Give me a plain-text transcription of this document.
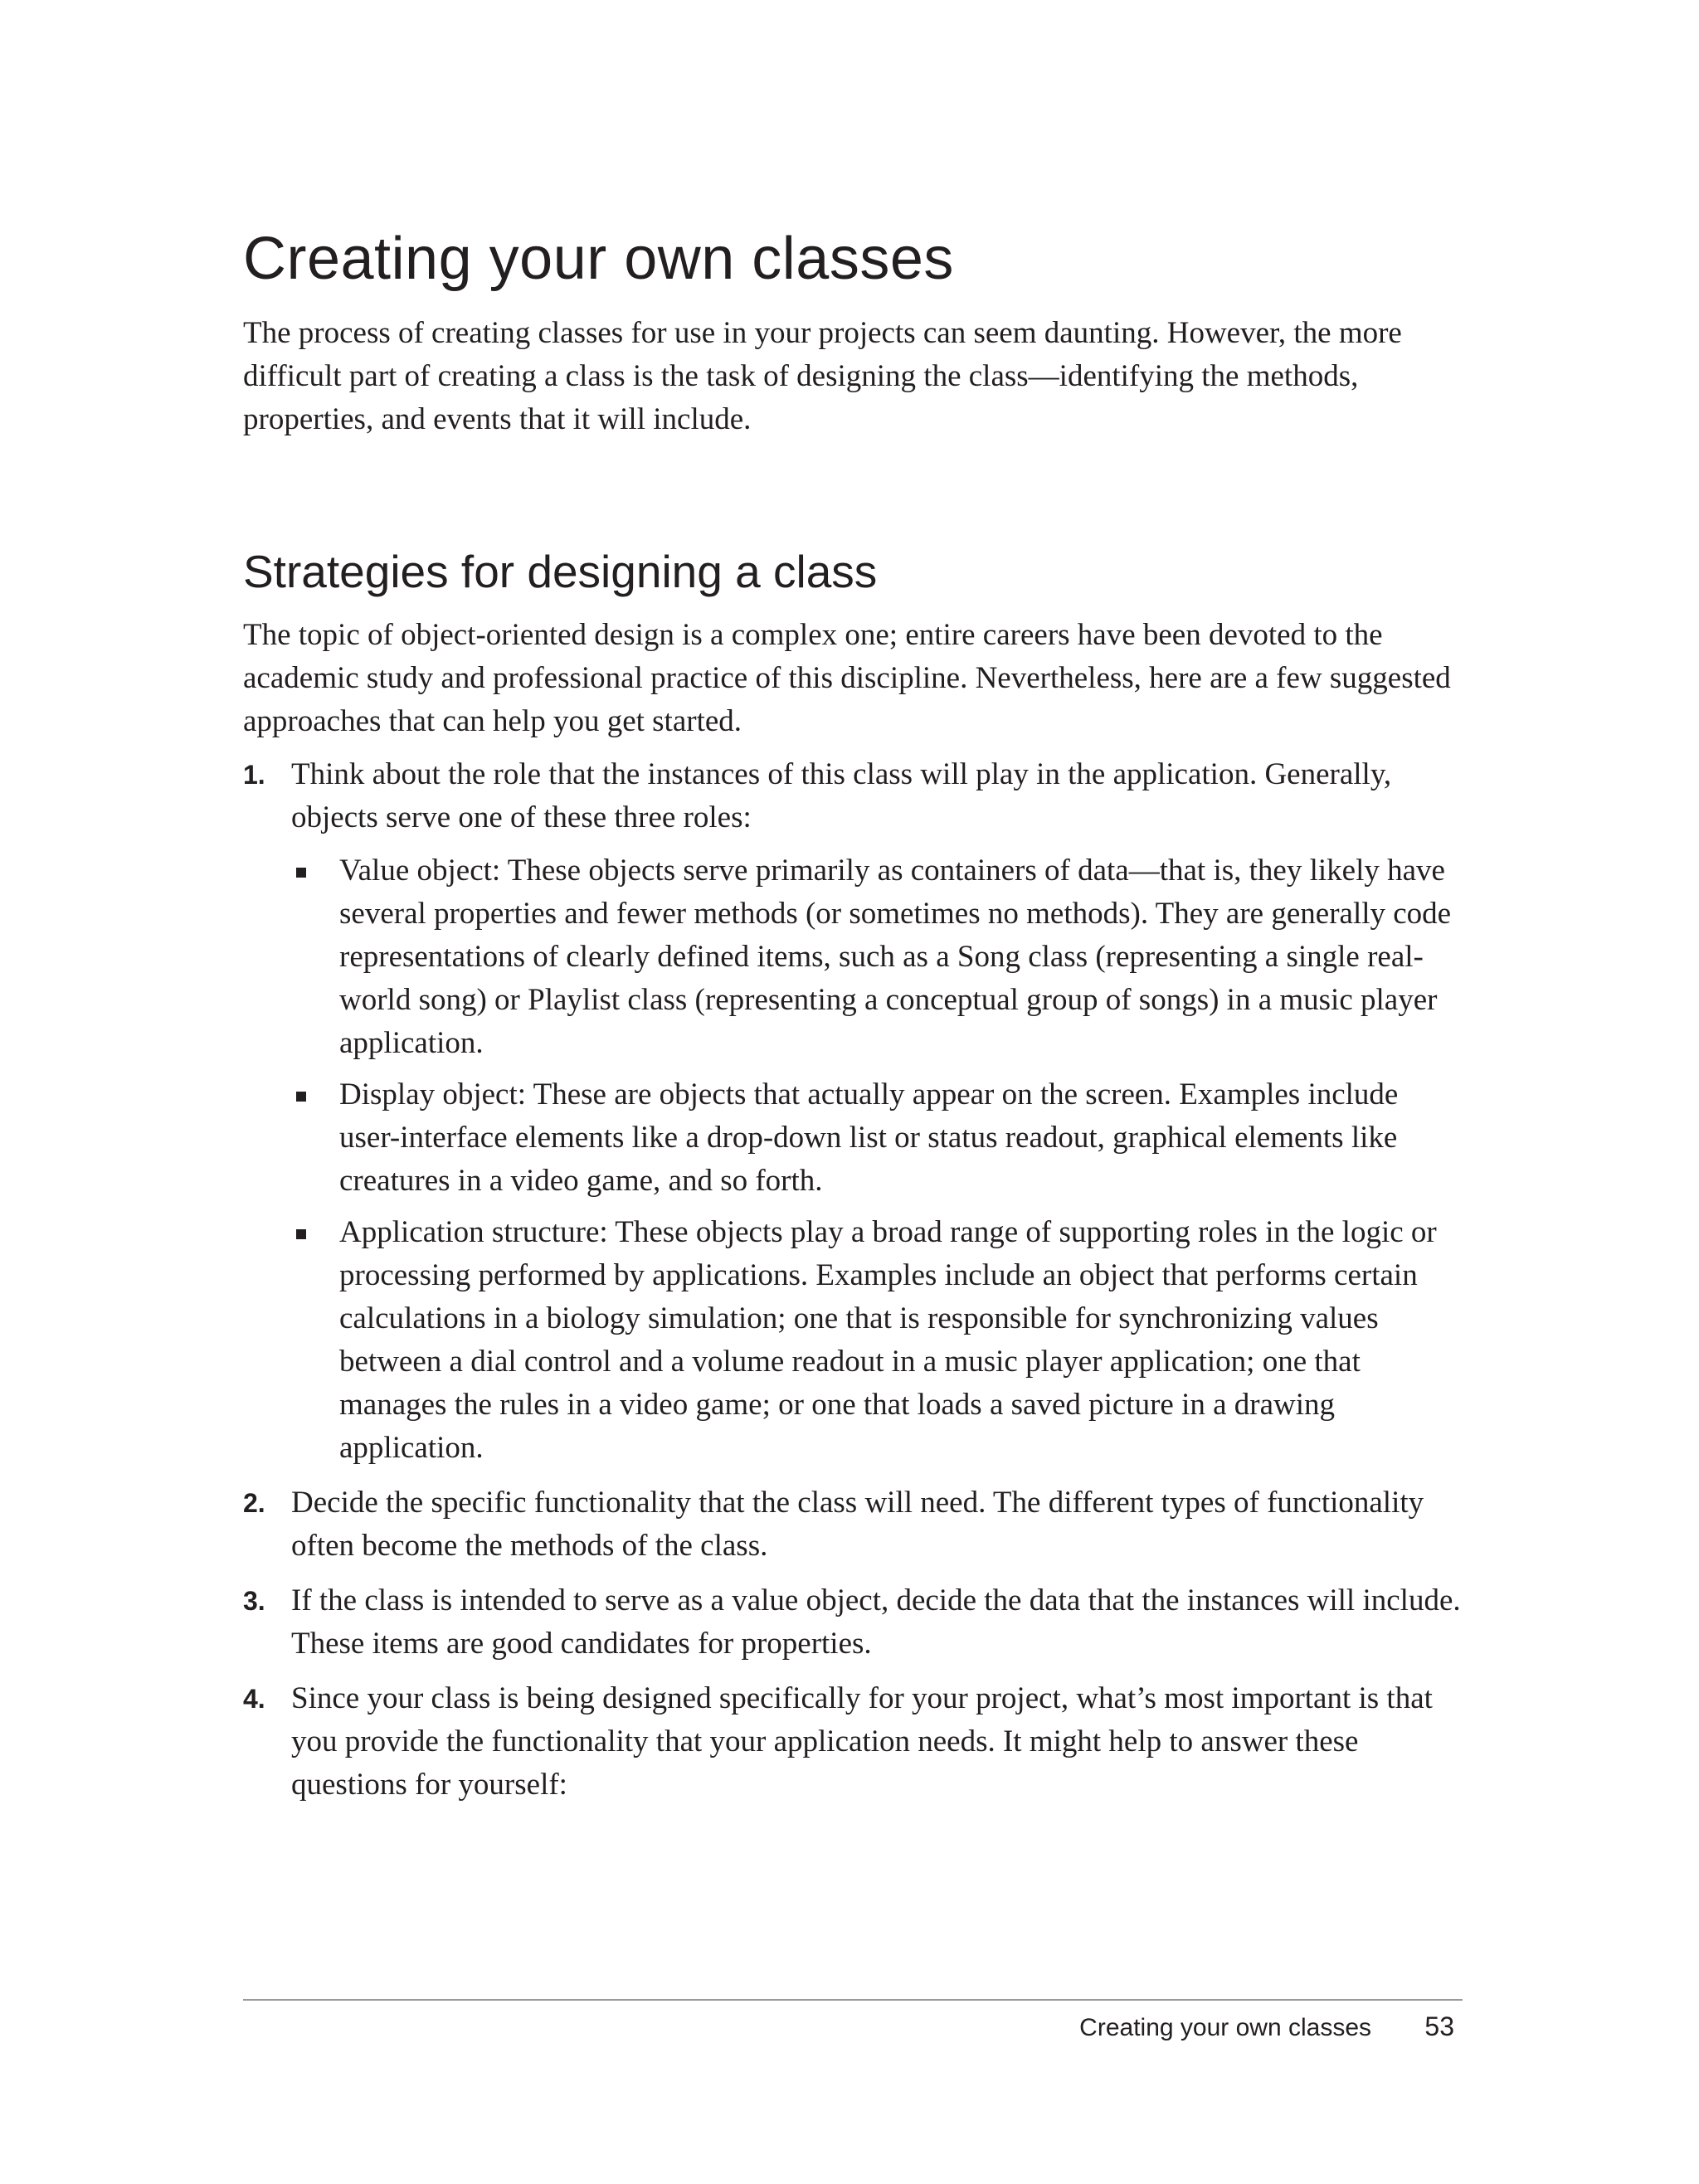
Creating your own classes

The process of creating classes for use in your projects can seem daunting. However, the more difficult part of creating a class is the task of designing the class—identifying the methods, properties, and events that it will include.

Strategies for designing a class

The topic of object-oriented design is a complex one; entire careers have been devoted to the academic study and professional practice of this discipline. Nevertheless, here are a few suggested approaches that can help you get started.

1. Think about the role that the instances of this class will play in the application. Generally, objects serve one of these three roles:
Value object: These objects serve primarily as containers of data—that is, they likely have several properties and fewer methods (or sometimes no methods). They are generally code representations of clearly defined items, such as a Song class (representing a single real-world song) or Playlist class (representing a conceptual group of songs) in a music player application.
Display object: These are objects that actually appear on the screen. Examples include user-interface elements like a drop-down list or status readout, graphical elements like creatures in a video game, and so forth.
Application structure: These objects play a broad range of supporting roles in the logic or processing performed by applications. Examples include an object that performs certain calculations in a biology simulation; one that is responsible for synchronizing values between a dial control and a volume readout in a music player application; one that manages the rules in a video game; or one that loads a saved picture in a drawing application.
2. Decide the specific functionality that the class will need. The different types of functionality often become the methods of the class.
3. If the class is intended to serve as a value object, decide the data that the instances will include. These items are good candidates for properties.
4. Since your class is being designed specifically for your project, what’s most important is that you provide the functionality that your application needs. It might help to answer these questions for yourself:
Creating your own classes 53
